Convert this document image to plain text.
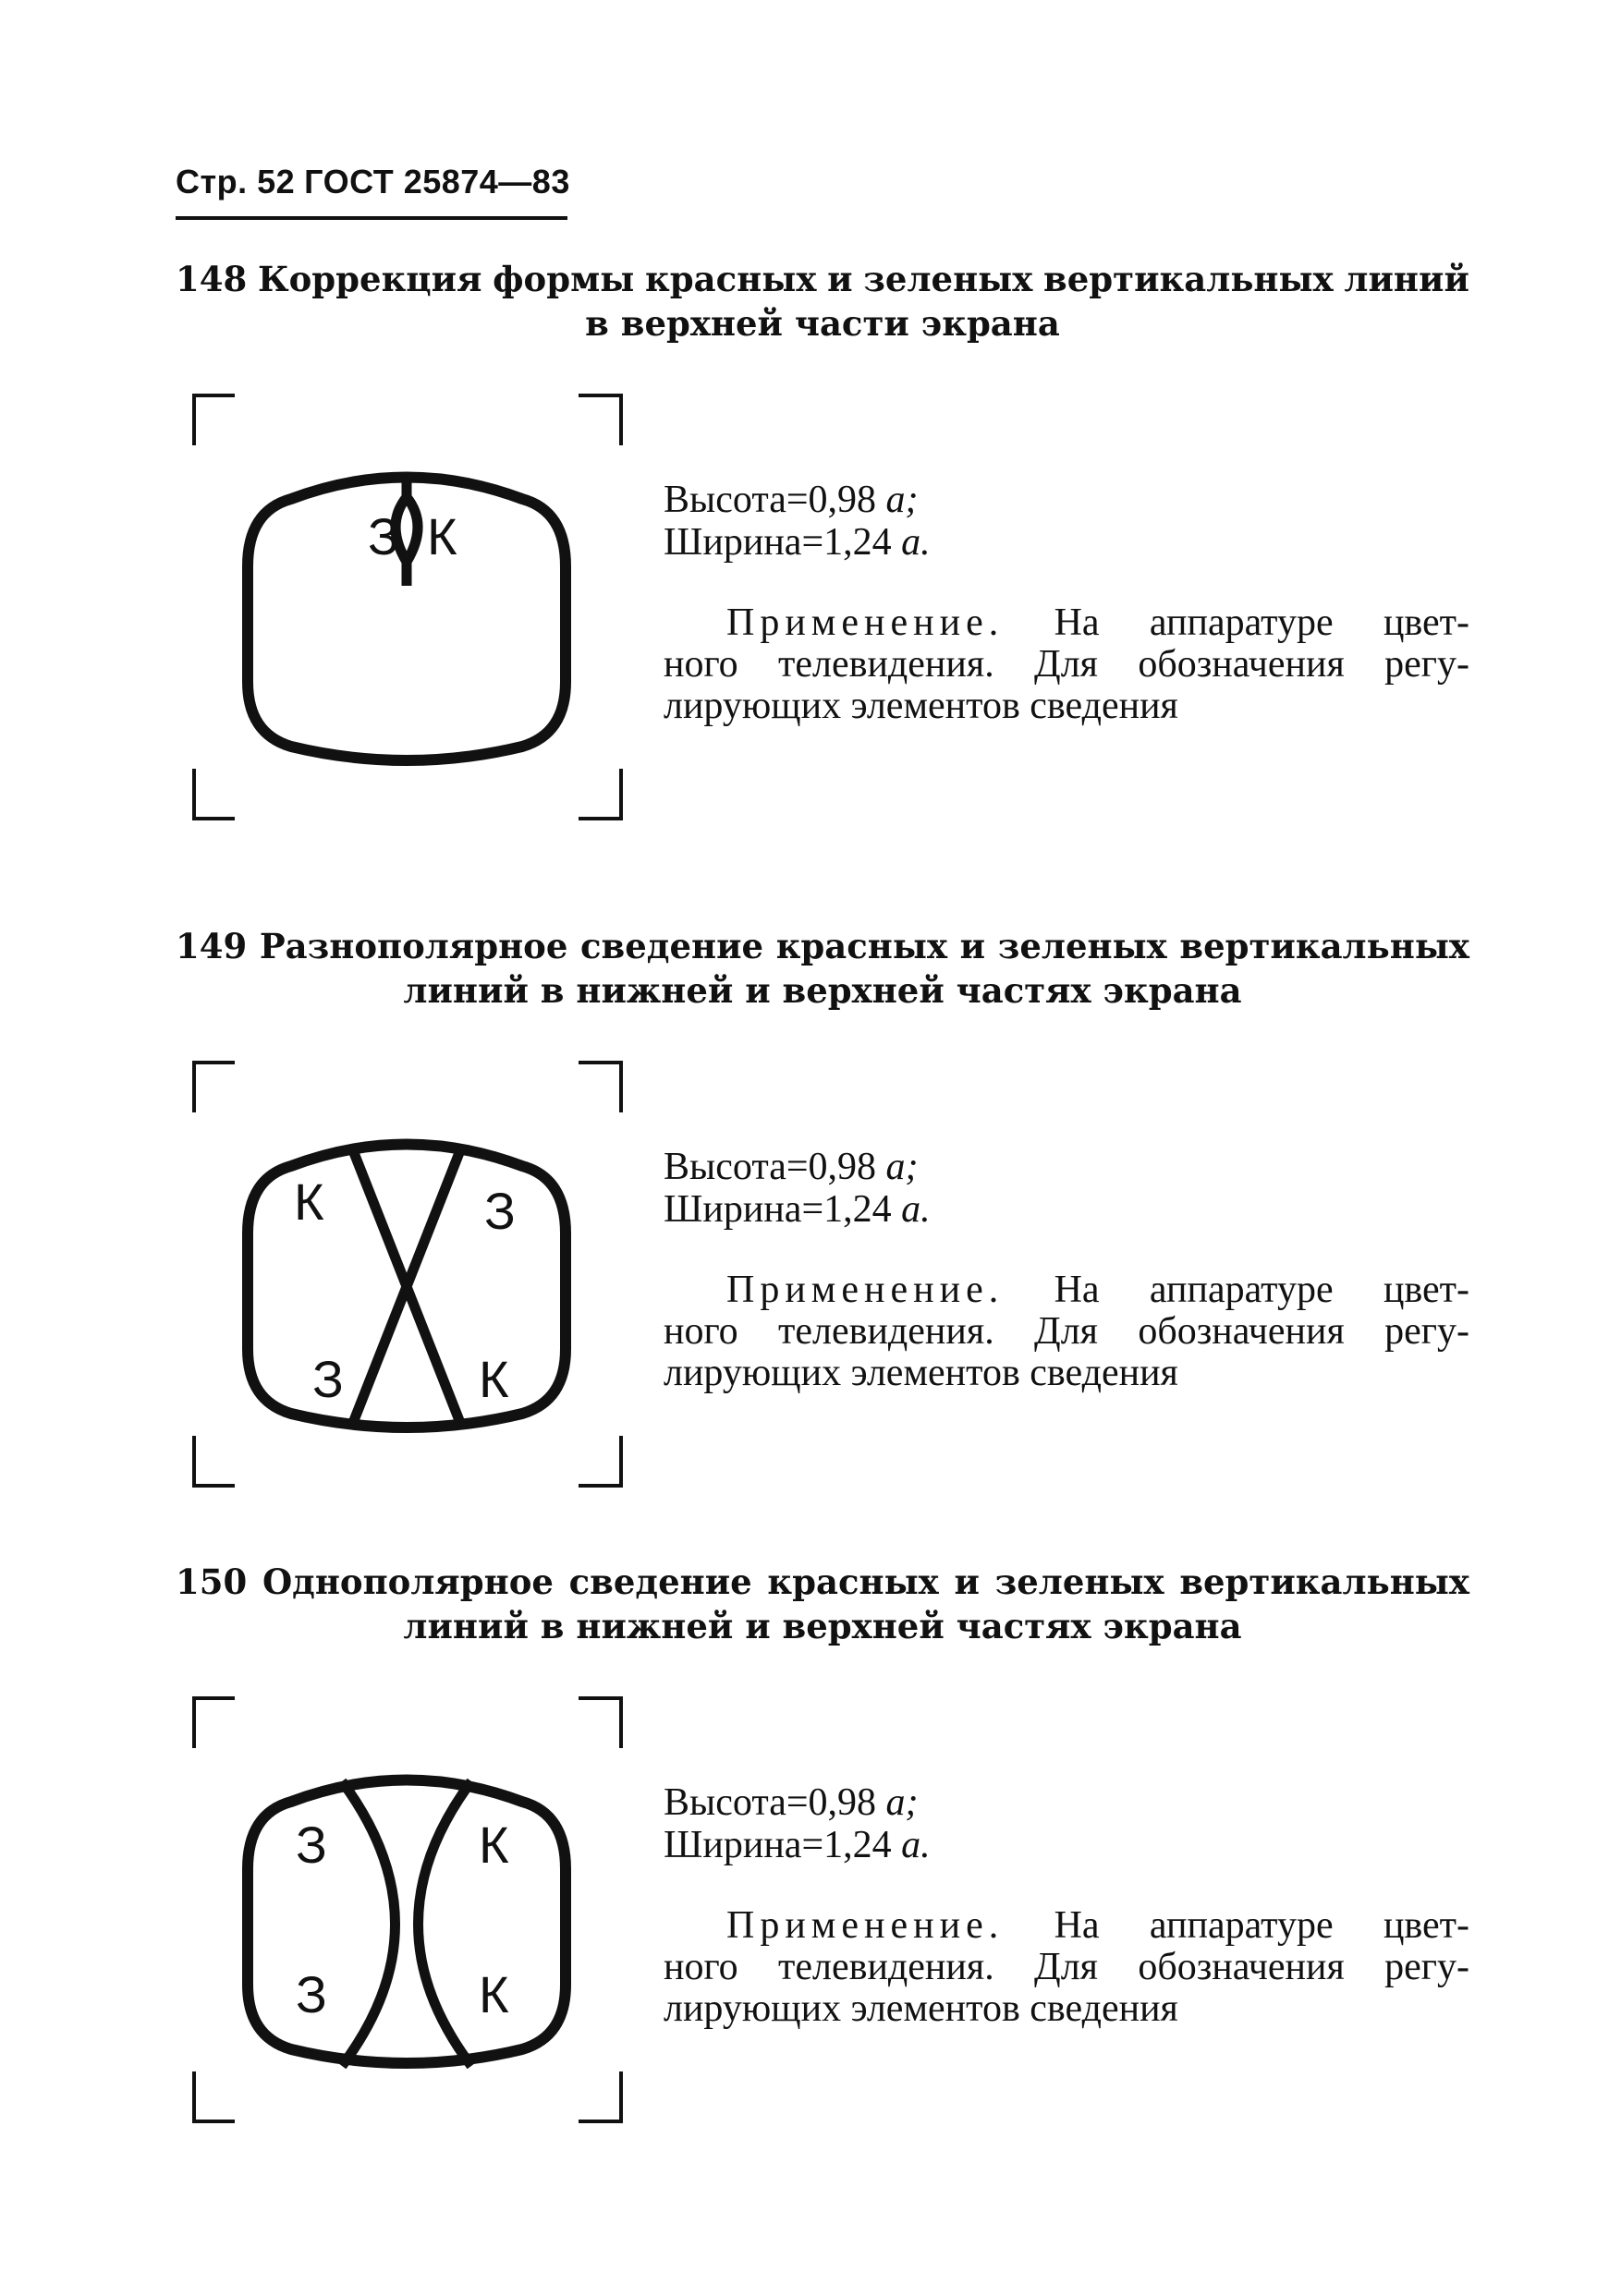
Стр. 52 ГОСТ 25874—83
148 Коррекция формы красных и зеленых вертикальных линий
в верхней части экрана
З К
Высота=0,98 a;
Ширина=1,24 a.
Применение. На аппаратуре цвет-
ного телевидения. Для обозначения регу-
лирующих
элементов
сведения
149 Разнополярное сведение красных и зеленых вертикальных
линий в нижней и верхней частях экрана
К	З
З	К
Высота=0,98 a;
Ширина=1,24 a.
Применение. На аппаратуре цвет-
ного телевидения. Для обозначения регу-
лирующих
элементов
сведения
150 Однополярное сведение красных и зеленых вертикальных
линий в нижней и верхней частях экрана
З	К
З	К
Высота=0,98 a;
Ширина=1,24 a.
Применение. На аппаратуре цвет-
ного телевидения. Для обозначения регу-
лирующих
элементов
сведения
